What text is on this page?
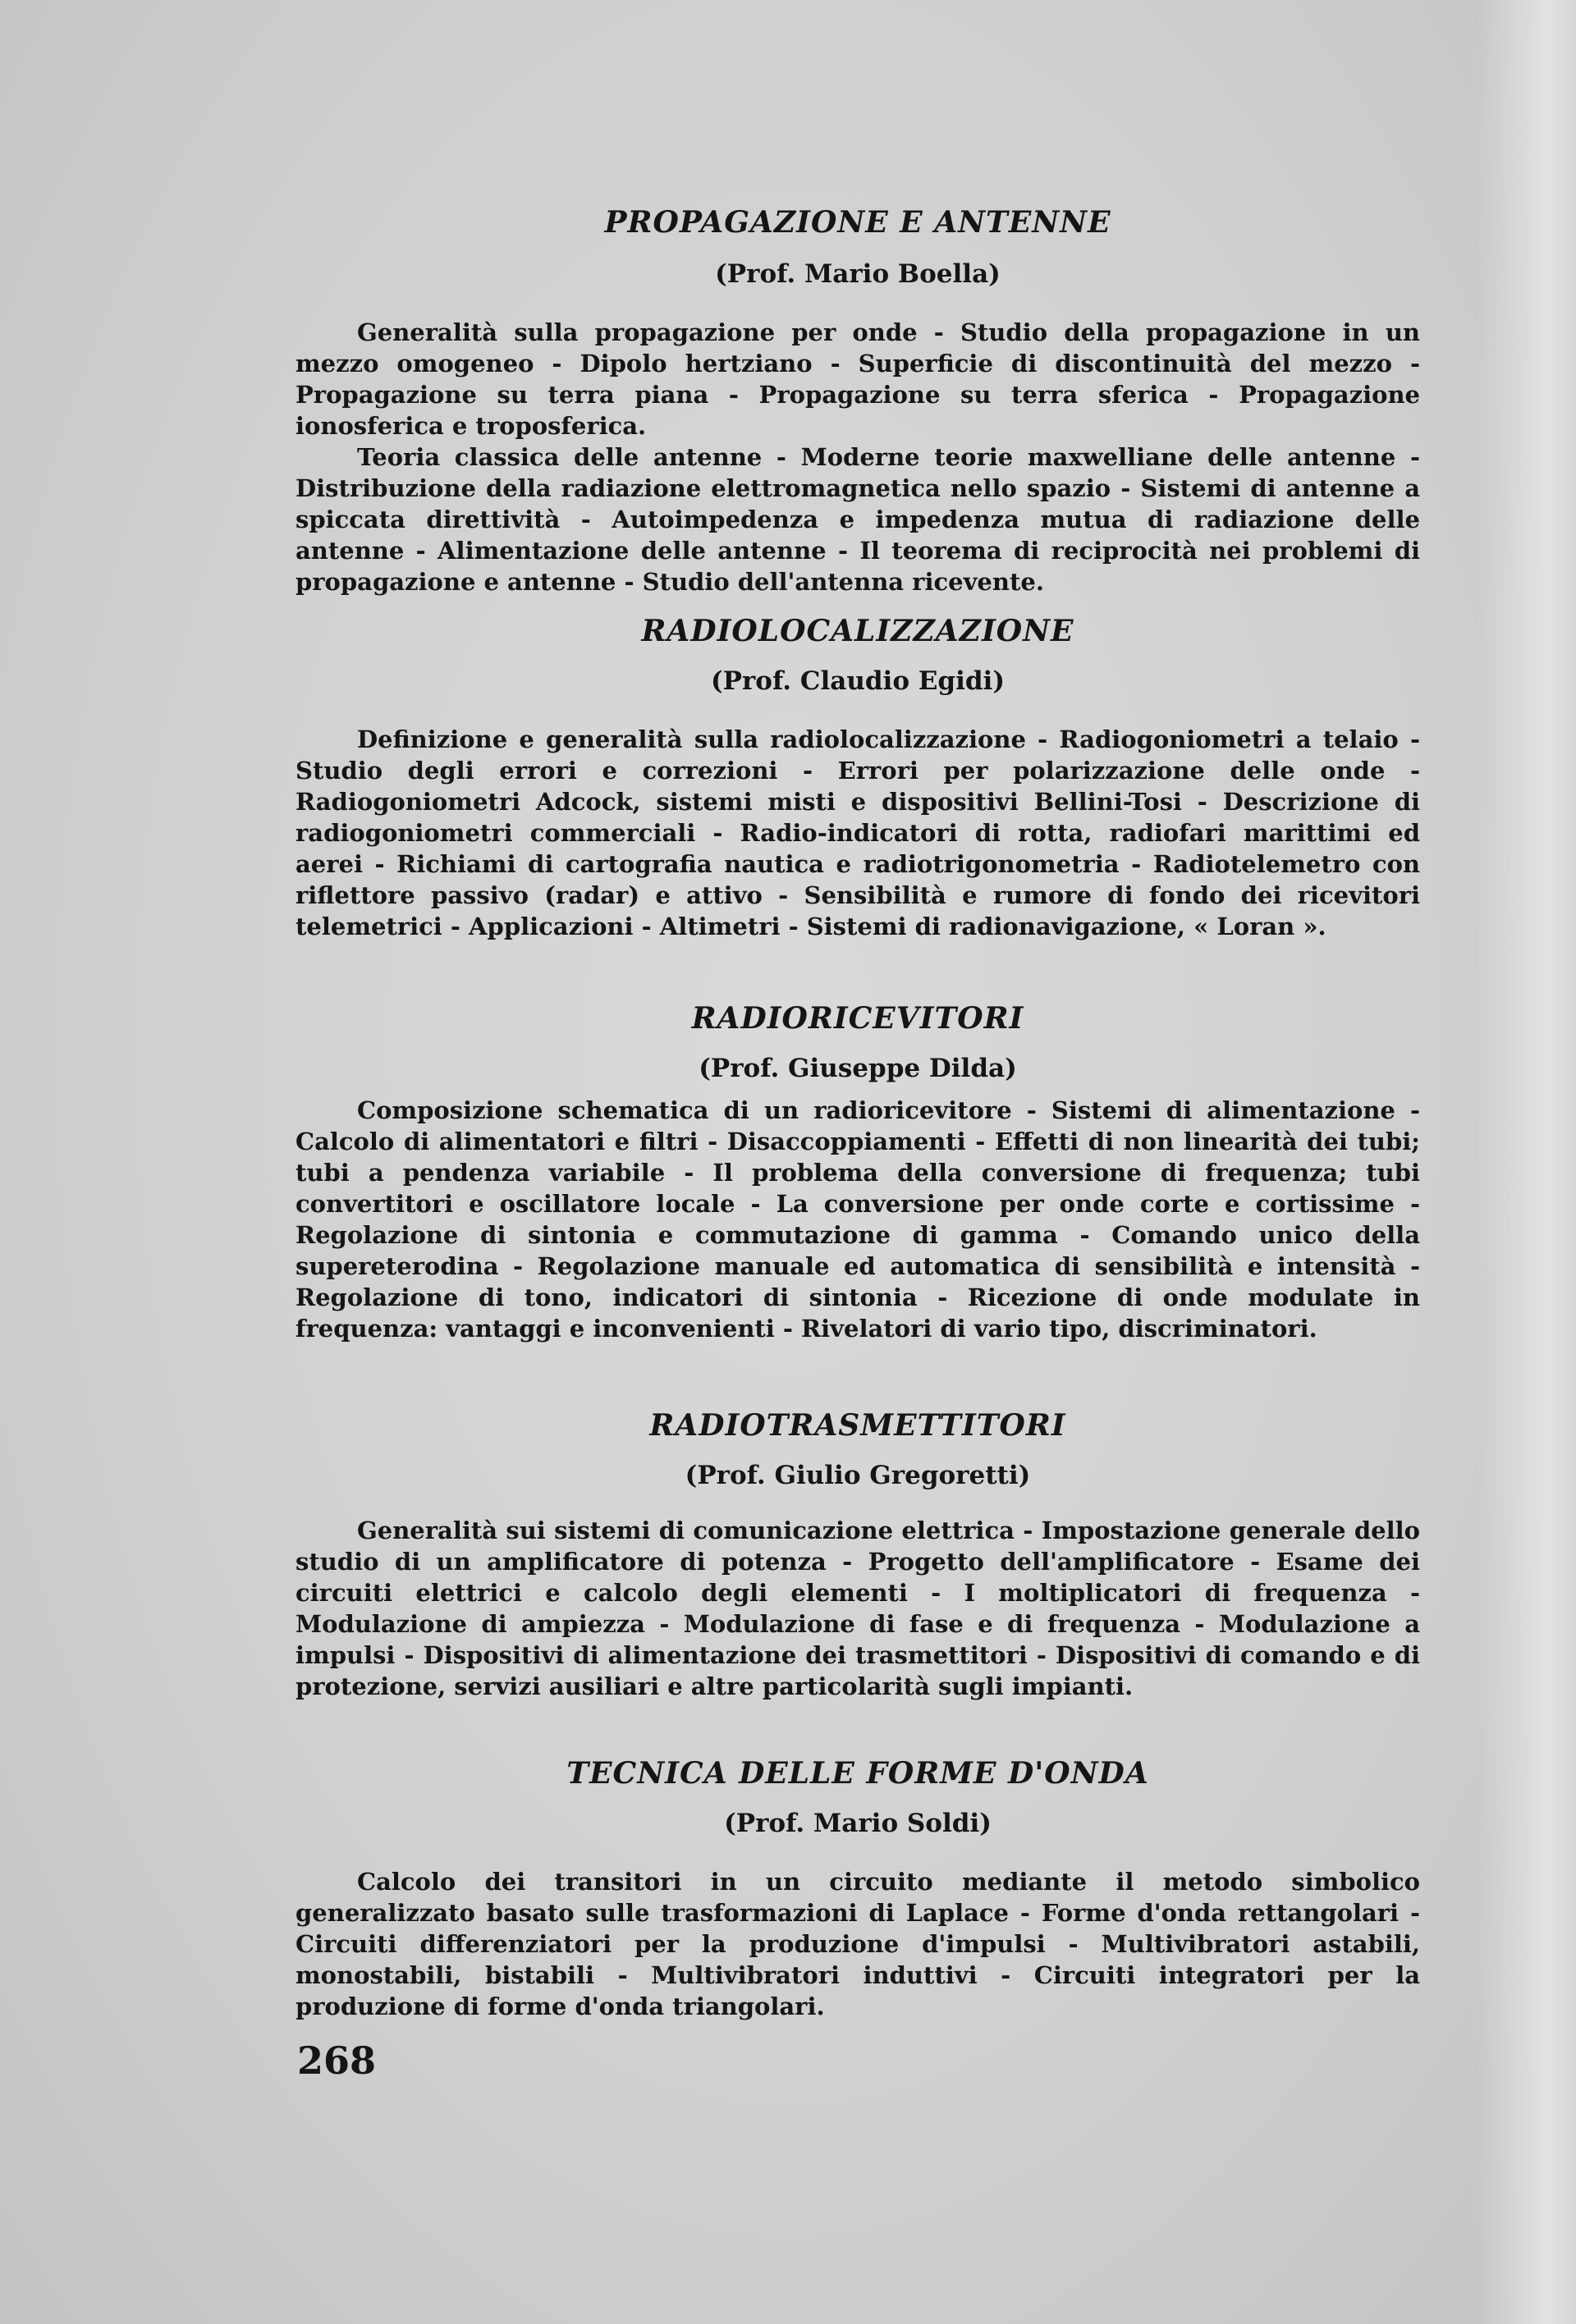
PROPAGAZIONE E ANTENNE

(Prof. Mario Boella)

Generalità sulla propagazione per onde - Studio della propagazione in un mezzo omogeneo - Dipolo hertziano - Superficie di discontinuità del mezzo - Propagazione su terra piana - Propagazione su terra sferica - Propagazione ionosferica e troposferica.

Teoria classica delle antenne - Moderne teorie maxwelliane delle antenne - Distribuzione della radiazione elettromagnetica nello spazio - Sistemi di antenne a spiccata direttività - Autoimpedenza e impedenza mutua di radiazione delle antenne - Alimentazione delle antenne - Il teorema di reciprocità nei problemi di propagazione e antenne - Studio dell'antenna ricevente.

RADIOLOCALIZZAZIONE

(Prof. Claudio Egidi)

Definizione e generalità sulla radiolocalizzazione - Radiogoniometri a telaio - Studio degli errori e correzioni - Errori per polarizzazione delle onde - Radiogoniometri Adcock, sistemi misti e dispositivi Bellini-Tosi - Descrizione di radiogoniometri commerciali - Radio-indicatori di rotta, radiofari marittimi ed aerei - Richiami di cartografia nautica e radiotrigonometria - Radiotelemetro con riflettore passivo (radar) e attivo - Sensibilità e rumore di fondo dei ricevitori telemetrici - Applicazioni - Altimetri - Sistemi di radionavigazione, « Loran ».

RADIORICEVITORI

(Prof. Giuseppe Dilda)

Composizione schematica di un radioricevitore - Sistemi di alimentazione - Calcolo di alimentatori e filtri - Disaccoppiamenti - Effetti di non linearità dei tubi; tubi a pendenza variabile - Il problema della conversione di frequenza; tubi convertitori e oscillatore locale - La conversione per onde corte e cortissime - Regolazione di sintonia e commutazione di gamma - Comando unico della supereterodina - Regolazione manuale ed automatica di sensibilità e intensità - Regolazione di tono, indicatori di sintonia - Ricezione di onde modulate in frequenza: vantaggi e inconvenienti - Rivelatori di vario tipo, discriminatori.

RADIOTRASMETTITORI

(Prof. Giulio Gregoretti)

Generalità sui sistemi di comunicazione elettrica - Impostazione generale dello studio di un amplificatore di potenza - Progetto dell'amplificatore - Esame dei circuiti elettrici e calcolo degli elementi - I moltiplicatori di frequenza - Modulazione di ampiezza - Modulazione di fase e di frequenza - Modulazione a impulsi - Dispositivi di alimentazione dei trasmettitori - Dispositivi di comando e di protezione, servizi ausiliari e altre particolarità sugli impianti.

TECNICA DELLE FORME D'ONDA

(Prof. Mario Soldi)

Calcolo dei transitori in un circuito mediante il metodo simbolico generalizzato basato sulle trasformazioni di Laplace - Forme d'onda rettangolari - Circuiti differenziatori per la produzione d'impulsi - Multivibratori astabili, monostabili, bistabili - Multivibratori induttivi - Circuiti integratori per la produzione di forme d'onda triangolari.

268
